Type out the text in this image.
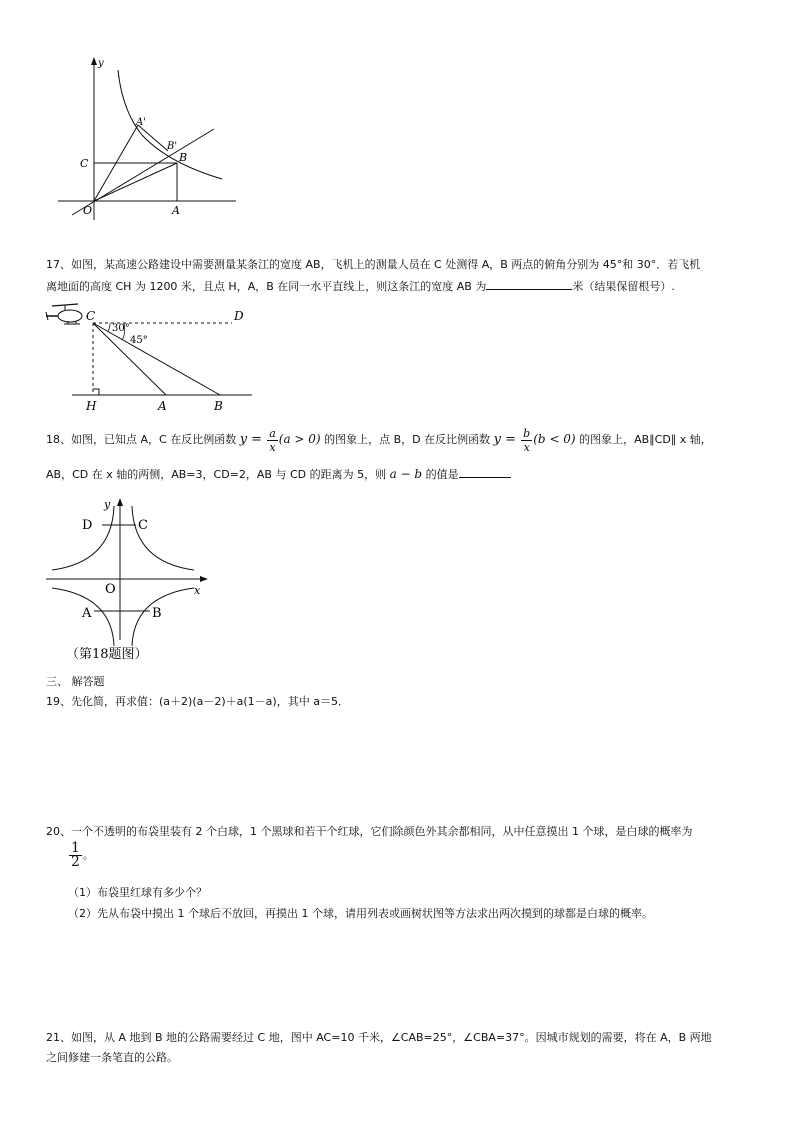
y
A'
B'
C	B
O	A
17、如图，某高速公路建设中需要测量某条江的宽度 AB，飞机上的测量人员在 C 处测得 A，B 两点的俯角分别为 45°和 30°．若飞机
离地面的高度 CH 为 1200 米，且点 H，A，B 在同一水平直线上，则这条江的宽度 AB 为	米（结果保留根号）.
C	D
30°
45°
H	A	B
18、如图，已知点 A，C 在反比例函数 $y = \frac{a}{x} (a > 0)$ 的图象上，点 B，D 在反比例函数 $y = \frac{b}{x} (b < 0)$ 的图象上，AB∥CD∥ x 轴，
AB，CD 在 x 轴的两侧，AB=3，CD=2，AB 与 CD 的距离为 5，则 a − b 的值是
D	C
y
O	x
A	B
（第18题图）
三、 解答题
19、先化简，再求值：(a＋2)(a－2)＋a(1－a)，其中 a＝5．
20、一个不透明的布袋里装有 2 个白球，1 个黑球和若干个红球，它们除颜色外其余都相同，从中任意摸出 1 个球，是白球的概率为
$\frac{1}{2}$ 。
（1）布袋里红球有多少个？
（2）先从布袋中摸出 1 个球后不放回，再摸出 1 个球，请用列表或画树状图等方法求出两次摸到的球都是白球的概率。
21、如图，从 A 地到 B 地的公路需要经过 C 地，图中 AC=10 千米，∠CAB=25°，∠CBA=37°。因城市规划的需要，将在 A，B 两地
之间修建一条笔直的公路。
